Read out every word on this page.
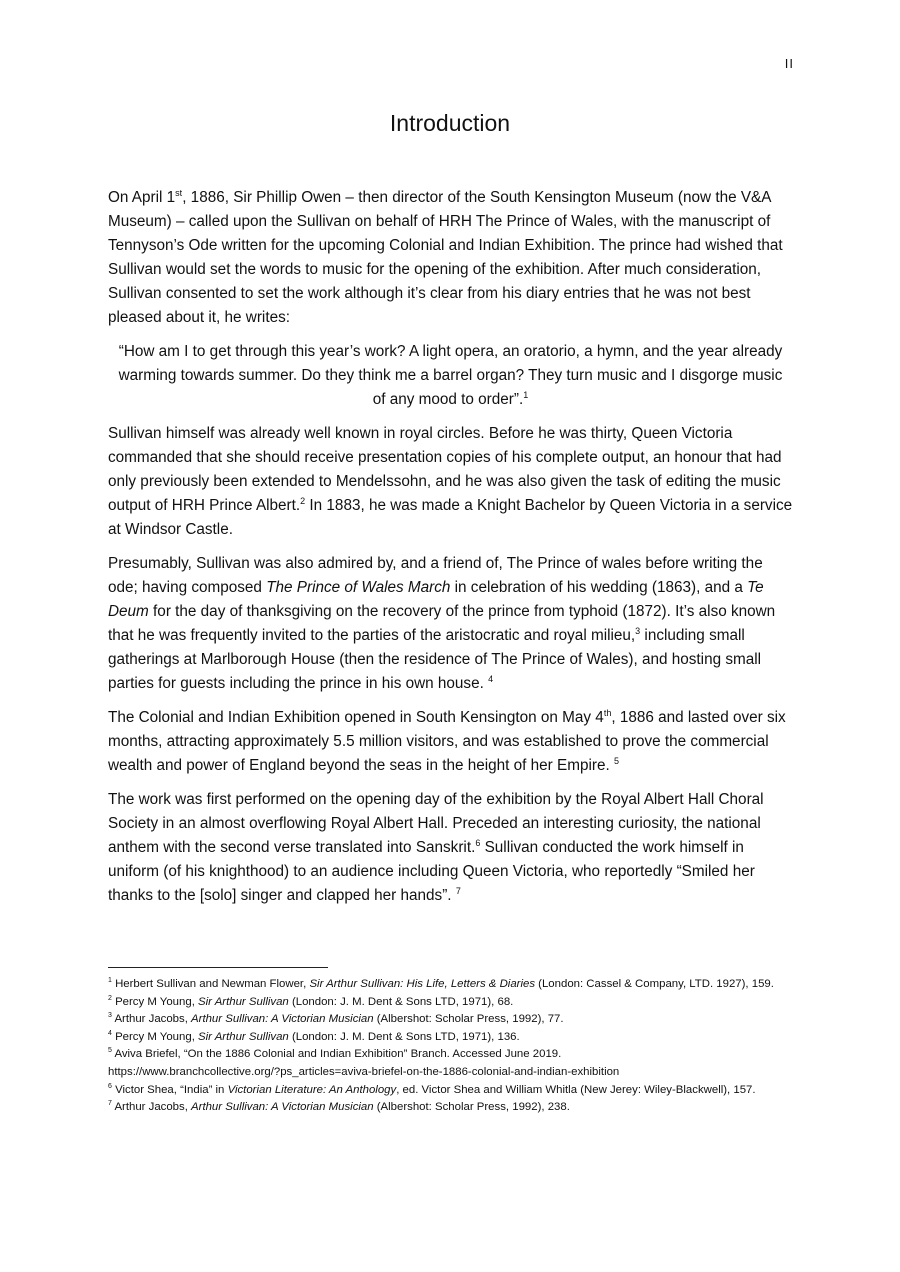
II
Introduction

On April 1st, 1886, Sir Phillip Owen – then director of the South Kensington Museum (now the V&A Museum) – called upon the Sullivan on behalf of HRH The Prince of Wales, with the manuscript of Tennyson’s Ode written for the upcoming Colonial and Indian Exhibition. The prince had wished that Sullivan would set the words to music for the opening of the exhibition. After much consideration, Sullivan consented to set the work although it’s clear from his diary entries that he was not best pleased about it, he writes:

“How am I to get through this year’s work? A light opera, an oratorio, a hymn, and the year already warming towards summer. Do they think me a barrel organ? They turn music and I disgorge music of any mood to order”.$^1$

Sullivan himself was already well known in royal circles. Before he was thirty, Queen Victoria commanded that she should receive presentation copies of his complete output, an honour that had only previously been extended to Mendelssohn, and he was also given the task of editing the music output of HRH Prince Albert.$^2$ In 1883, he was made a Knight Bachelor by Queen Victoria in a service at Windsor Castle.

Presumably, Sullivan was also admired by, and a friend of, The Prince of wales before writing the ode; having composed The Prince of Wales March in celebration of his wedding (1863), and a Te Deum for the day of thanksgiving on the recovery of the prince from typhoid (1872). It’s also known that he was frequently invited to the parties of the aristocratic and royal milieu,$^3$ including small gatherings at Marlborough House (then the residence of The Prince of Wales), and hosting small parties for guests including the prince in his own house. $^4$

The Colonial and Indian Exhibition opened in South Kensington on May 4th, 1886 and lasted over six months, attracting approximately 5.5 million visitors, and was established to prove the commercial wealth and power of England beyond the seas in the height of her Empire. $^5$

The work was first performed on the opening day of the exhibition by the Royal Albert Hall Choral Society in an almost overflowing Royal Albert Hall. Preceded an interesting curiosity, the national anthem with the second verse translated into Sanskrit.$^6$ Sullivan conducted the work himself in uniform (of his knighthood) to an audience including Queen Victoria, who reportedly “Smiled her thanks to the [solo] singer and clapped her hands”. $^7$

$^1$ Herbert Sullivan and Newman Flower, Sir Arthur Sullivan: His Life, Letters & Diaries (London: Cassel & Company, LTD. 1927), 159.

$^2$ Percy M Young, Sir Arthur Sullivan (London: J. M. Dent & Sons LTD, 1971), 68.

$^3$ Arthur Jacobs, Arthur Sullivan: A Victorian Musician (Albershot: Scholar Press, 1992), 77.

$^4$ Percy M Young, Sir Arthur Sullivan (London: J. M. Dent & Sons LTD, 1971), 136.

$^5$ Aviva Briefel, “On the 1886 Colonial and Indian Exhibition” Branch. Accessed June 2019.
https://www.branchcollective.org/?ps_articles=aviva-briefel-on-the-1886-colonial-and-indian-exhibition

$^6$ Victor Shea, “India” in Victorian Literature: An Anthology, ed. Victor Shea and William Whitla (New Jerey: Wiley-Blackwell), 157.

$^7$ Arthur Jacobs, Arthur Sullivan: A Victorian Musician (Albershot: Scholar Press, 1992), 238.
